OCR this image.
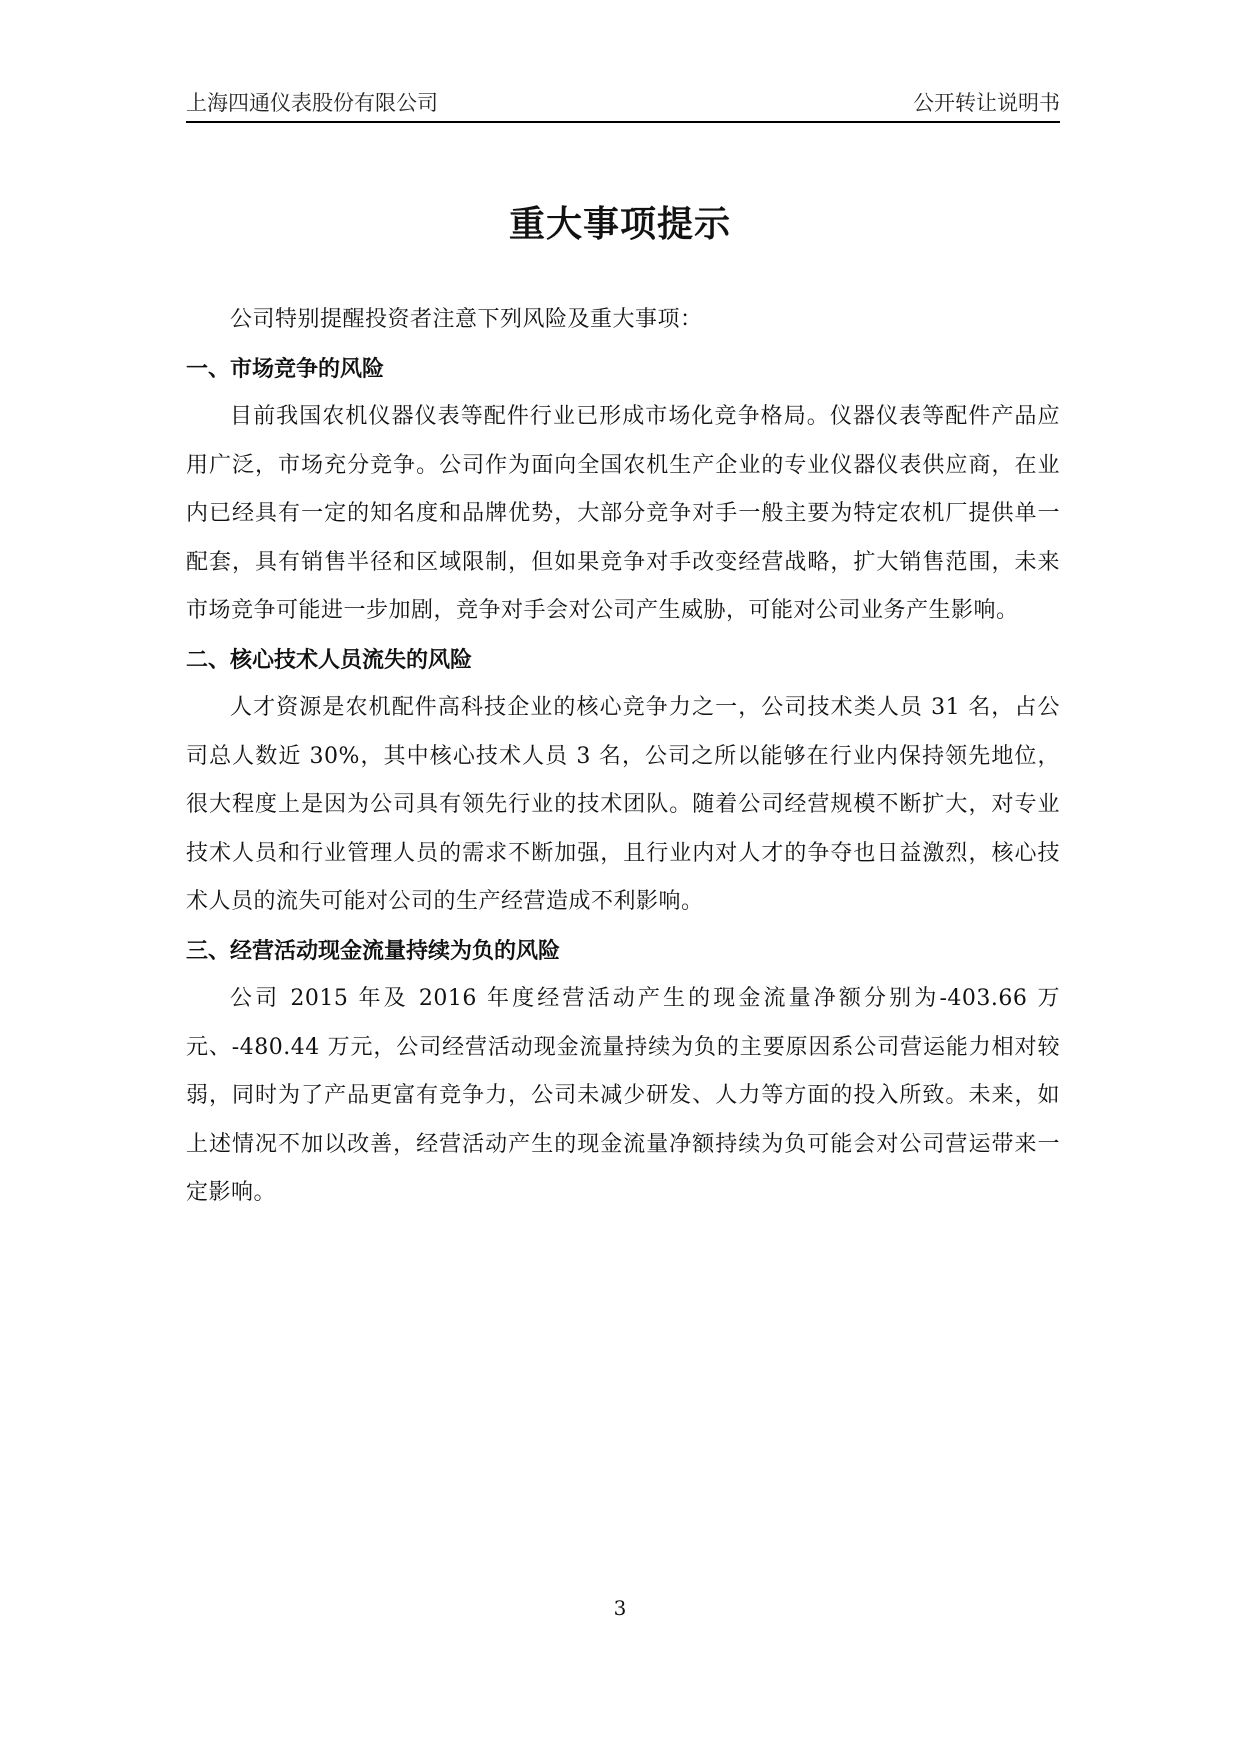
上海四通仪表股份有限公司	公开转让说明书
重大事项提示

公司特别提醒投资者注意下列风险及重大事项：

一、市场竞争的风险

目前我国农机仪器仪表等配件行业已形成市场化竞争格局。仪器仪表等配件产品应用广泛，市场充分竞争。公司作为面向全国农机生产企业的专业仪器仪表供应商，在业内已经具有一定的知名度和品牌优势，大部分竞争对手一般主要为特定农机厂提供单一配套，具有销售半径和区域限制，但如果竞争对手改变经营战略，扩大销售范围，未来市场竞争可能进一步加剧，竞争对手会对公司产生威胁，可能对公司业务产生影响。

二、核心技术人员流失的风险

人才资源是农机配件高科技企业的核心竞争力之一，公司技术类人员 31 名，占公司总人数近 30%，其中核心技术人员 3 名，公司之所以能够在行业内保持领先地位，很大程度上是因为公司具有领先行业的技术团队。随着公司经营规模不断扩大，对专业技术人员和行业管理人员的需求不断加强，且行业内对人才的争夺也日益激烈，核心技术人员的流失可能对公司的生产经营造成不利影响。

三、经营活动现金流量持续为负的风险

公司 2015 年及 2016 年度经营活动产生的现金流量净额分别为-403.66 万元、-480.44 万元，公司经营活动现金流量持续为负的主要原因系公司营运能力相对较弱，同时为了产品更富有竞争力，公司未减少研发、人力等方面的投入所致。未来，如上述情况不加以改善，经营活动产生的现金流量净额持续为负可能会对公司营运带来一定影响。

3
